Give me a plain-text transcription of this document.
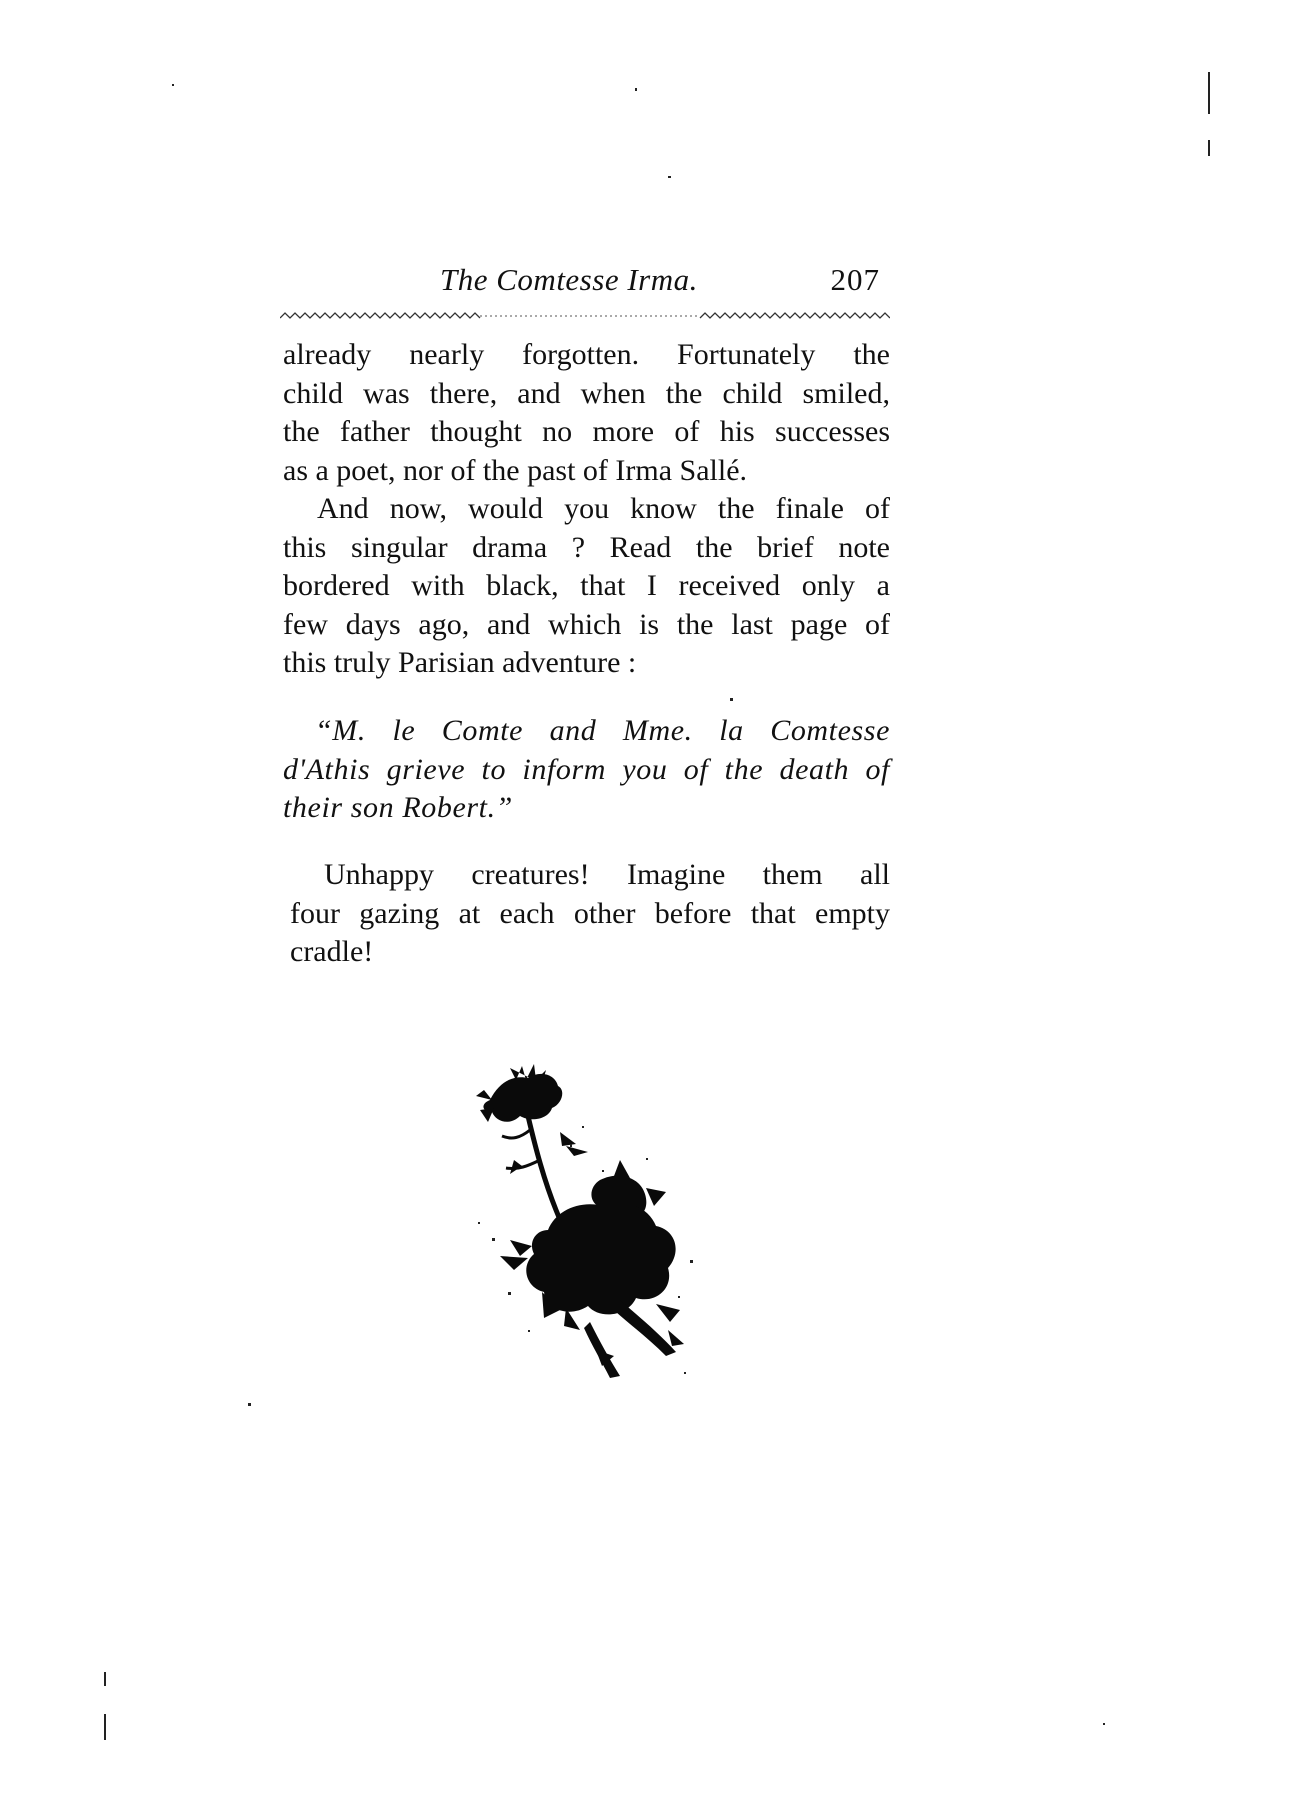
The Comtesse Irma.	207
already nearly forgotten. Fortunately the
child was there, and when the child smiled,
the father thought no more of his successes
as a poet, nor of the past of Irma Sallé.
And now, would you know the finale of
this singular drama ? Read the brief note
bordered with black, that I received only a
few days ago, and which is the last page of
this truly Parisian adventure :
“M. le Comte and Mme. la Comtesse
d'Athis grieve to inform you of the death of
their son Robert.”
Unhappy creatures! Imagine them all
four gazing at each other before that empty
cradle!
